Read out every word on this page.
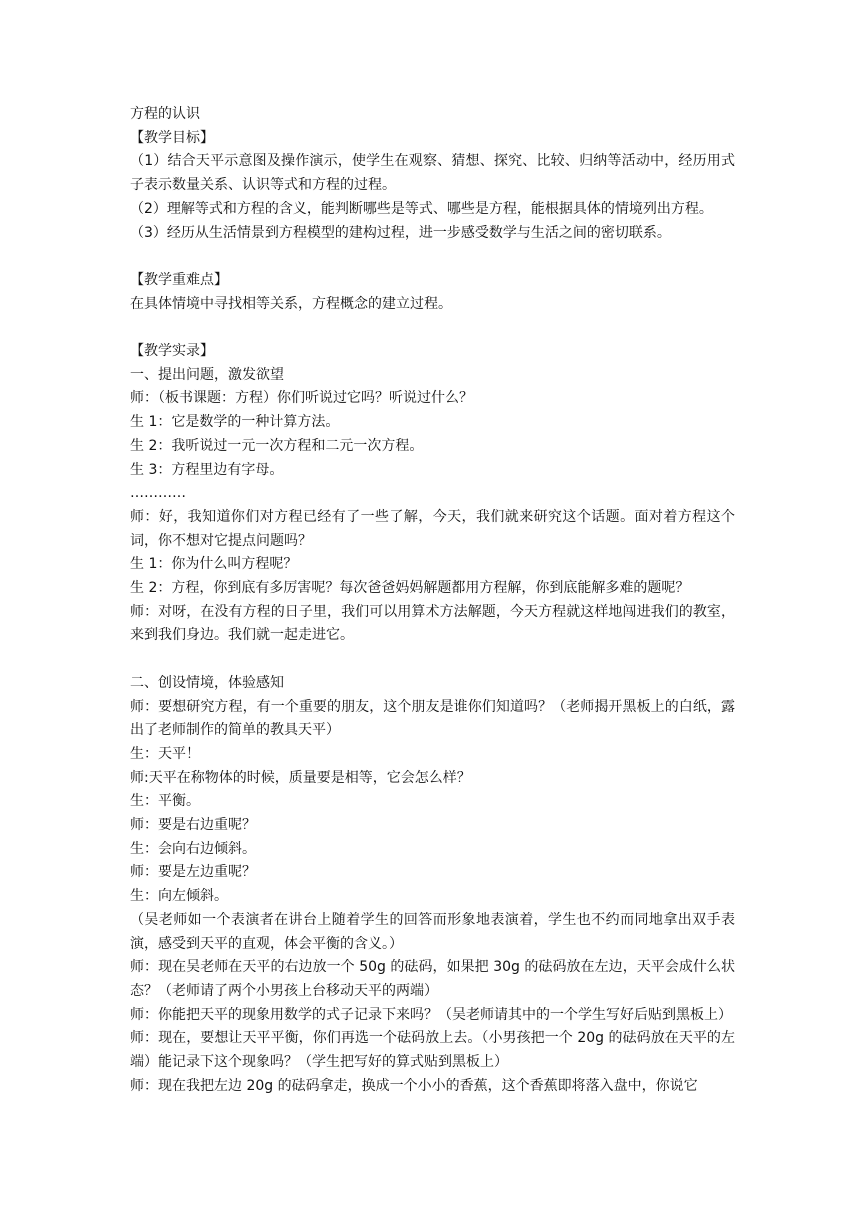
方程的认识

【教学目标】

（1）结合天平示意图及操作演示，使学生在观察、猜想、探究、比较、归纳等活动中，经历用式子表示数量关系、认识等式和方程的过程。

（2）理解等式和方程的含义，能判断哪些是等式、哪些是方程，能根据具体的情境列出方程。

（3）经历从生活情景到方程模型的建构过程，进一步感受数学与生活之间的密切联系。

【教学重难点】

在具体情境中寻找相等关系，方程概念的建立过程。

【教学实录】

一、提出问题，激发欲望

师：（板书课题：方程）你们听说过它吗？听说过什么？

生 1：它是数学的一种计算方法。

生 2：我听说过一元一次方程和二元一次方程。

生 3：方程里边有字母。

…………

师：好，我知道你们对方程已经有了一些了解，今天，我们就来研究这个话题。面对着方程这个词，你不想对它提点问题吗？

生 1：你为什么叫方程呢？

生 2：方程，你到底有多厉害呢？每次爸爸妈妈解题都用方程解，你到底能解多难的题呢？

师：对呀，在没有方程的日子里，我们可以用算术方法解题，今天方程就这样地闯进我们的教室，来到我们身边。我们就一起走进它。

二、创设情境，体验感知

师：要想研究方程，有一个重要的朋友，这个朋友是谁你们知道吗？（老师揭开黑板上的白纸，露出了老师制作的简单的教具天平）

生：天平！

师:天平在称物体的时候，质量要是相等，它会怎么样？

生：平衡。

师：要是右边重呢？

生：会向右边倾斜。

师：要是左边重呢？

生：向左倾斜。

（吴老师如一个表演者在讲台上随着学生的回答而形象地表演着，学生也不约而同地拿出双手表演，感受到天平的直观，体会平衡的含义。）

师：现在吴老师在天平的右边放一个 50g 的砝码，如果把 30g 的砝码放在左边，天平会成什么状态？（老师请了两个小男孩上台移动天平的两端）

师：你能把天平的现象用数学的式子记录下来吗？（吴老师请其中的一个学生写好后贴到黑板上）

师：现在，要想让天平平衡，你们再选一个砝码放上去。（小男孩把一个 20g 的砝码放在天平的左端）能记录下这个现象吗？（学生把写好的算式贴到黑板上）

师：现在我把左边 20g 的砝码拿走，换成一个小小的香蕉，这个香蕉即将落入盘中，你说它
